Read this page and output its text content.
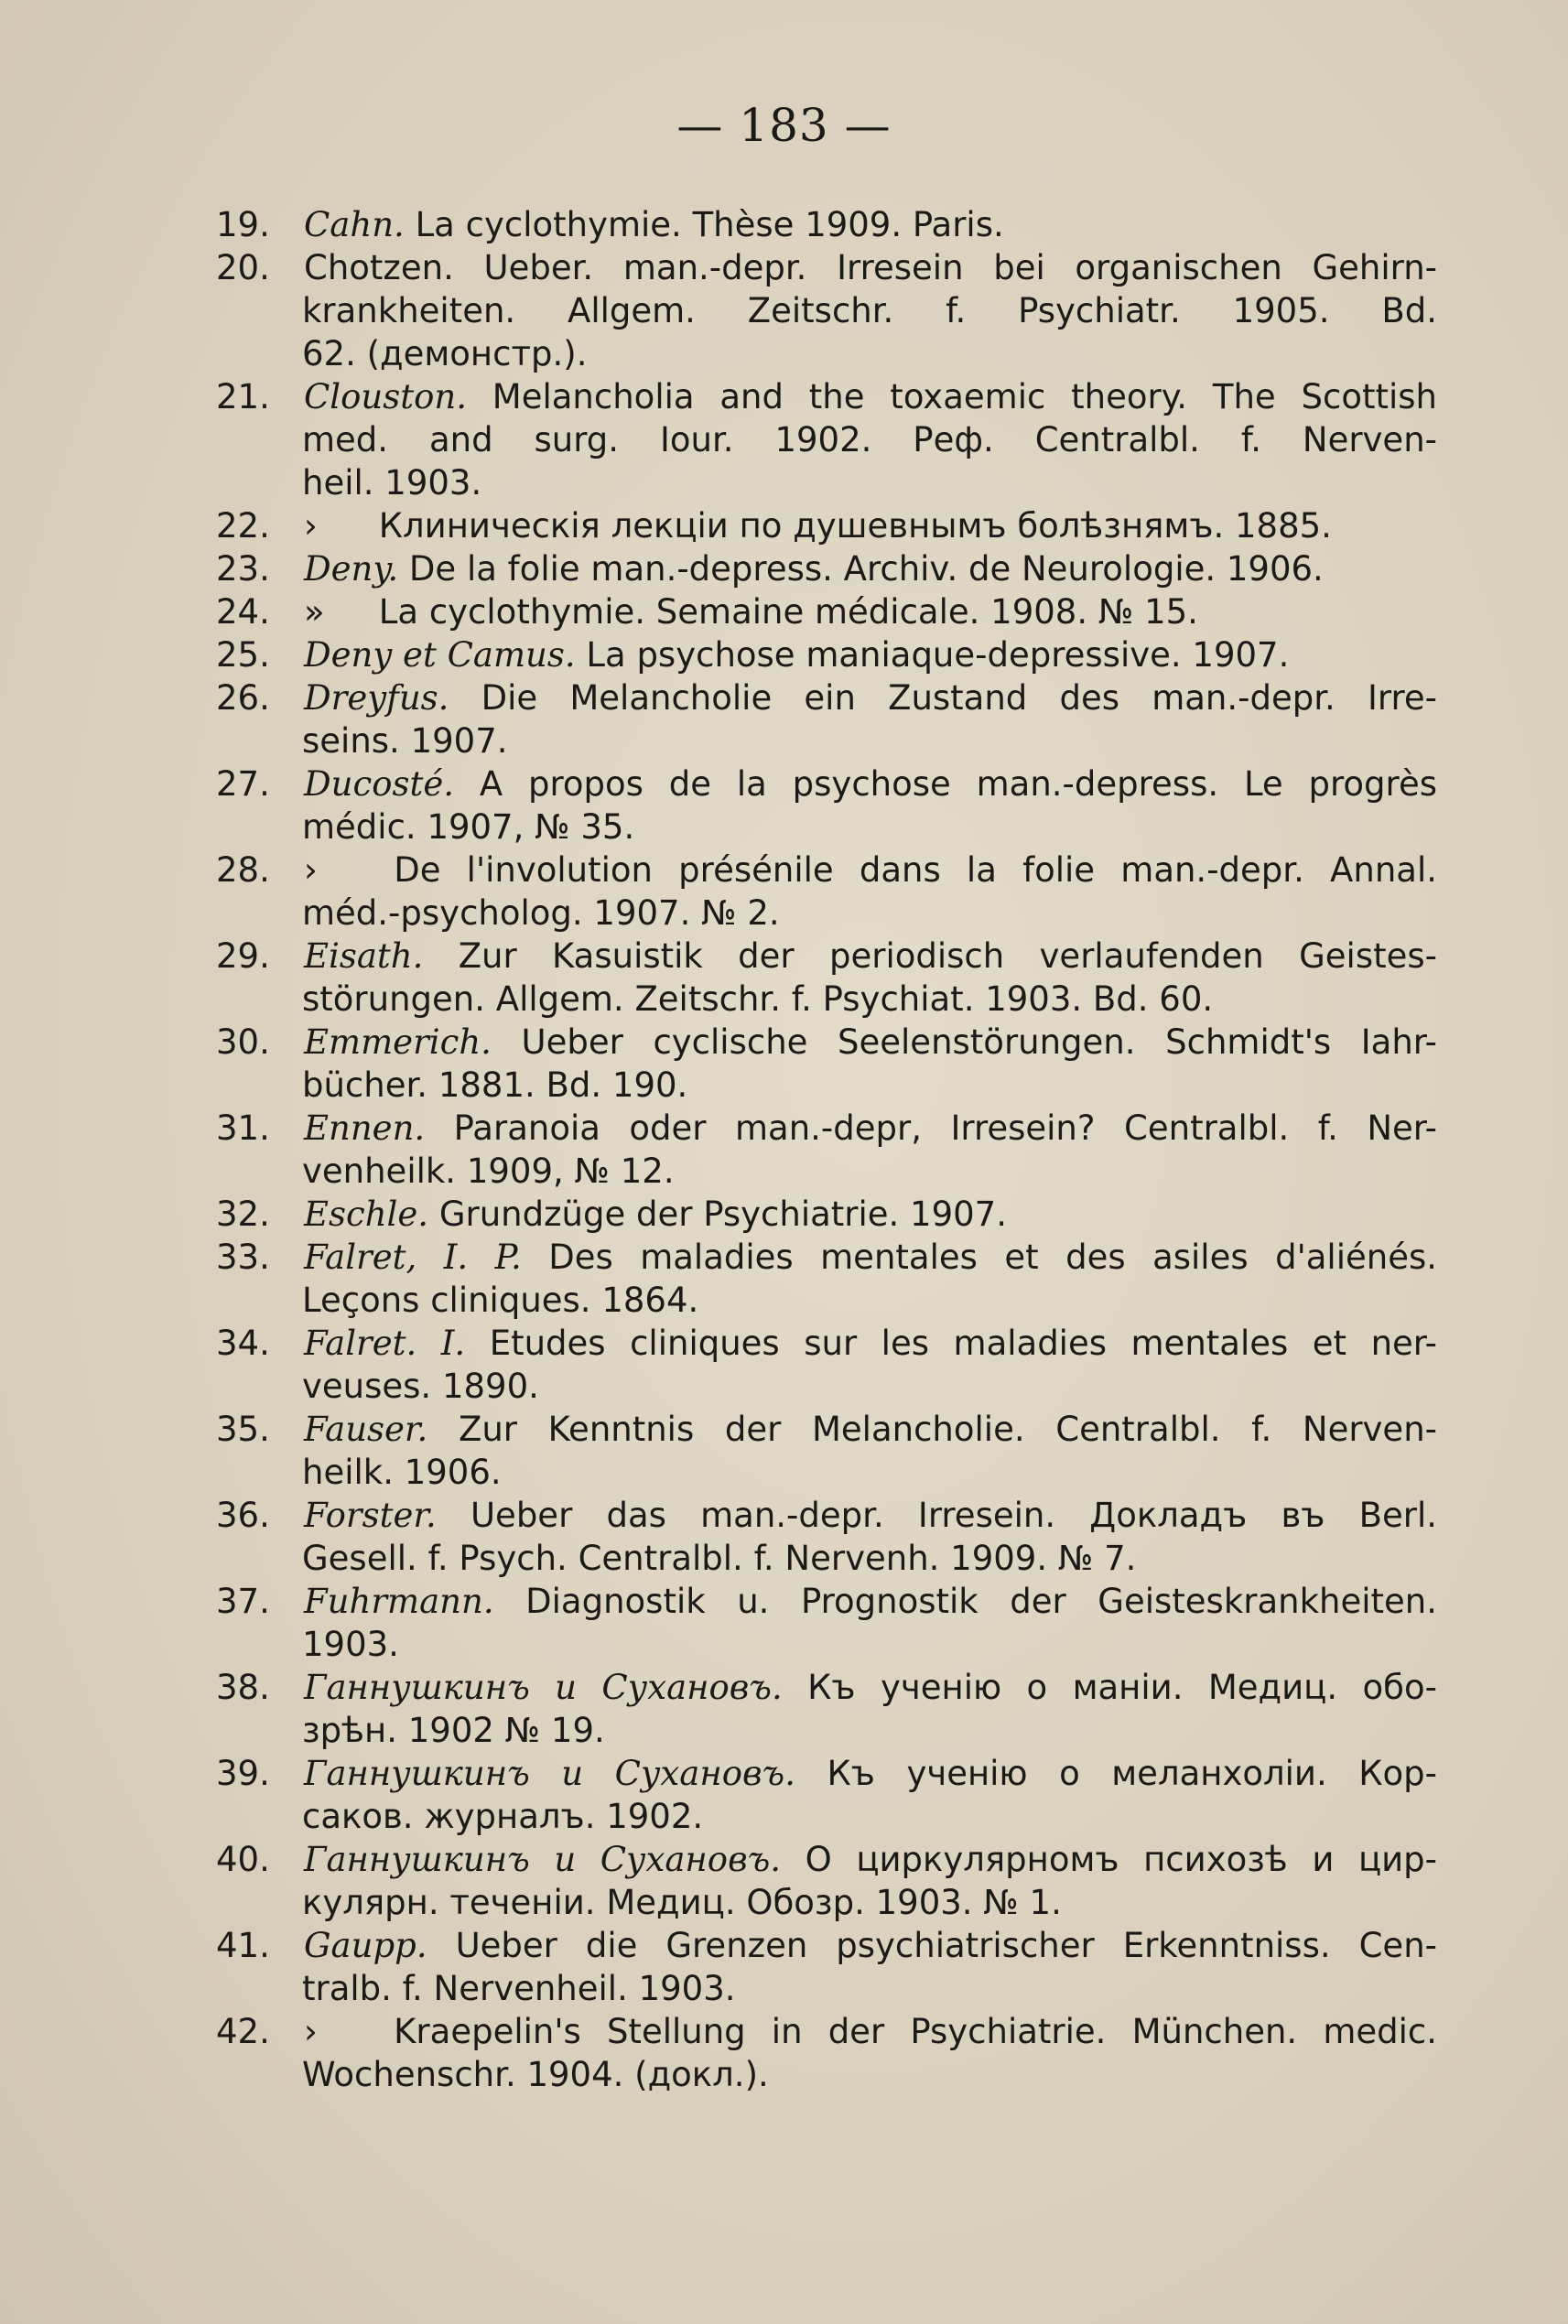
— 183 —
19. Cahn. La cyclothymie. Thèse 1909. Paris.
20. Chotzen. Ueber. man.-depr. Irresein bei organischen Gehirn-
krankheiten. Allgem. Zeitschr. f. Psychiatr. 1905. Bd.
62. (демонстр.).
21. Clouston. Melancholia and the toxaemic theory. The Scottish
med. and surg. Iour. 1902. Реф. Centralbl. f. Nerven-
heil. 1903.
22. › Клиническія лекціи по душевнымъ болѣзнямъ. 1885.
23. Deny. De la folie man.-depress. Archiv. de Neurologie. 1906.
24. » La cyclothymie. Semaine médicale. 1908. № 15.
25. Deny et Camus. La psychose maniaque-depressive. 1907.
26. Dreyfus. Die Melancholie ein Zustand des man.-depr. Irre-
seins. 1907.
27. Ducosté. A propos de la psychose man.-depress. Le progrès
médic. 1907, № 35.
28. › De l'involution présénile dans la folie man.-depr. Annal.
méd.-psycholog. 1907. № 2.
29. Eisath. Zur Kasuistik der periodisch verlaufenden Geistes-
störungen. Allgem. Zeitschr. f. Psychiat. 1903. Bd. 60.
30. Emmerich. Ueber cyclische Seelenstörungen. Schmidt's Iahr-
bücher. 1881. Bd. 190.
31. Ennen. Paranoia oder man.-depr, Irresein? Centralbl. f. Ner-
venheilk. 1909, № 12.
32. Eschle. Grundzüge der Psychiatrie. 1907.
33. Falret, I. P. Des maladies mentales et des asiles d'aliénés.
Leçons cliniques. 1864.
34. Falret. I. Etudes cliniques sur les maladies mentales et ner-
veuses. 1890.
35. Fauser. Zur Kenntnis der Melancholie. Centralbl. f. Nerven-
heilk. 1906.
36. Forster. Ueber das man.-depr. Irresein. Докладъ въ Berl.
Gesell. f. Psych. Centralbl. f. Nervenh. 1909. № 7.
37. Fuhrmann. Diagnostik u. Prognostik der Geisteskrankheiten.
1903.
38. Ганнушкинъ и Сухановъ. Къ ученію о маніи. Медиц. обо-
зрѣн. 1902 № 19.
39. Ганнушкинъ и Сухановъ. Къ ученію о меланхоліи. Кор-
саков. журналъ. 1902.
40. Ганнушкинъ и Сухановъ. О циркулярномъ психозѣ и цир-
кулярн. теченіи. Медиц. Обозр. 1903. № 1.
41. Gaupp. Ueber die Grenzen psychiatrischer Erkenntniss. Cen-
tralb. f. Nervenheil. 1903.
42. › Kraepelin's Stellung in der Psychiatrie. München. medic.
Wochenschr. 1904. (докл.).
